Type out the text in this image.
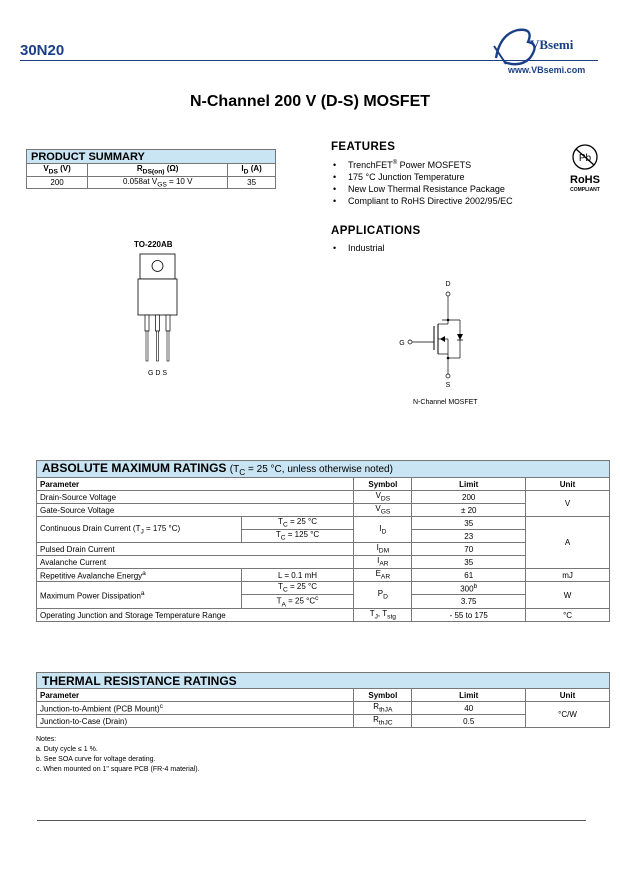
30N20	VBsemi
www.VBsemi.com
N-Channel 200 V (D-S) MOSFET
PRODUCT SUMMARY		
$V_{DS}$ (V)	$R_{DS(on)}$ (Ω)	$I_D$ (A)
200	0.058at $V_{GS} = 10$ V	35
FEATURES
• TrenchFET® Power MOSFETS
• 175 °C Junction Temperature
• New Low Thermal Resistance Package
• Compliant to RoHS Directive 2002/95/EC
Pb
RoHS
COMPLIANT
APPLICATIONS
• Industrial
TO-220AB
G D S
D
G
S
N-Channel MOSFET
ABSOLUTE MAXIMUM RATINGS ($T_C = 25$ °C, unless otherwise noted)				
Parameter		Symbol	Limit	Unit
Drain-Source Voltage		$V_{DS}$	200	V
Gate-Source Voltage		$V_{GS}$	± 20	
Continuous Drain Current ($T_J = 175$ °C)	$T_C = 25$ °C	$I_D$	35	A
	$T_C = 125$ °C		23	
Pulsed Drain Current		$I_{DM}$	70	
Avalanche Current		$I_{AR}$	35	
Repetitive Avalanche Energy$^a$	L = 0.1 mH	$E_{AR}$	61	mJ
Maximum Power Dissipation$^a$	$T_C = 25$ °C	$P_D$	300$^b$	W
	$T_A = 25$ $^\circ C^c$		3.75	
Operating Junction and Storage Temperature Range		$T_J$, $T_{stg}$	- 55 to 175	°C
THERMAL RESISTANCE RATINGS			
Parameter	Symbol	Limit	Unit
Junction-to-Ambient (PCB Mount)$^c$	$R_{thJA}$	40	°C/W
Junction-to-Case (Drain)	$R_{thJC}$	0.5	
Notes:
a. Duty cycle ≤ 1 %.
b. See SOA curve for voltage derating.
c. When mounted on 1" square PCB (FR-4 material).
